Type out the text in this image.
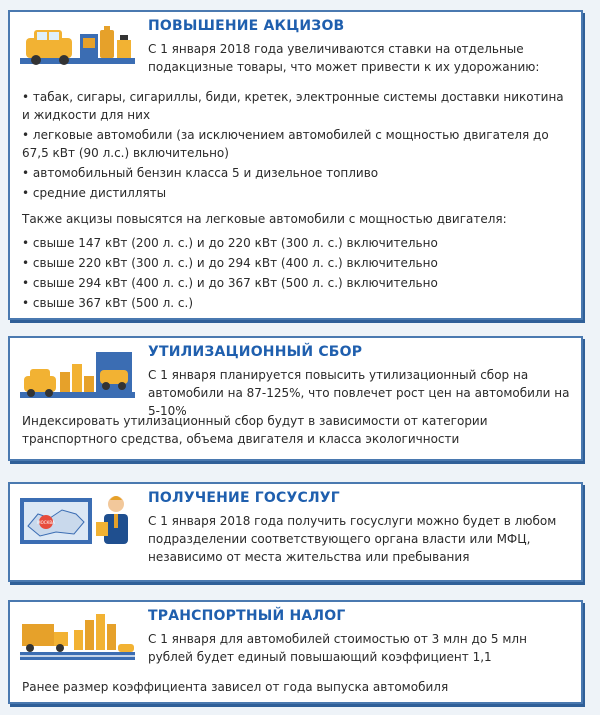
ПОВЫШЕНИЕ АКЦИЗОВ
С 1 января 2018 года увеличиваются ставки на отдельные подакцизные товары, что может привести к их удорожанию:
• табак, сигары, сигариллы, биди, кретек, электронные системы доставки никотина и жидкости для них
• легковые автомобили (за исключением автомобилей с мощностью двигателя до 67,5 кВт (90 л.с.) включительно)
• автомобильный бензин класса 5 и дизельное топливо
• средние дистилляты

Также акцизы повысятся на легковые автомобили с мощностью двигателя:

• свыше 147 кВт (200 л. с.) и до 220 кВт (300 л. с.) включительно
• свыше 220 кВт (300 л. с.) и до 294 кВт (400 л. с.) включительно
• свыше 294 кВт (400 л. с.) и до 367 кВт (500 л. с.) включительно
• свыше 367 кВт (500 л. с.)
УТИЛИЗАЦИОННЫЙ СБОР
С 1 января планируется повысить утилизационный сбор на автомобили на 87-125%, что повлечет рост цен на автомобили на 5-10%

Индексировать утилизационный сбор будут в зависимости от категории транспортного средства, объема двигателя и класса экологичности

МОСКВА
ПОЛУЧЕНИЕ ГОСУСЛУГ
С 1 января 2018 года получить госуслуги можно будет в любом подразделении соответствующего органа власти или МФЦ, независимо от места жительства или пребывания
ТРАНСПОРТНЫЙ НАЛОГ
С 1 января для автомобилей стоимостью от 3 млн до 5 млн рублей будет единый повышающий коэффициент 1,1

Ранее размер коэффициента зависел от года выпуска автомобиля
